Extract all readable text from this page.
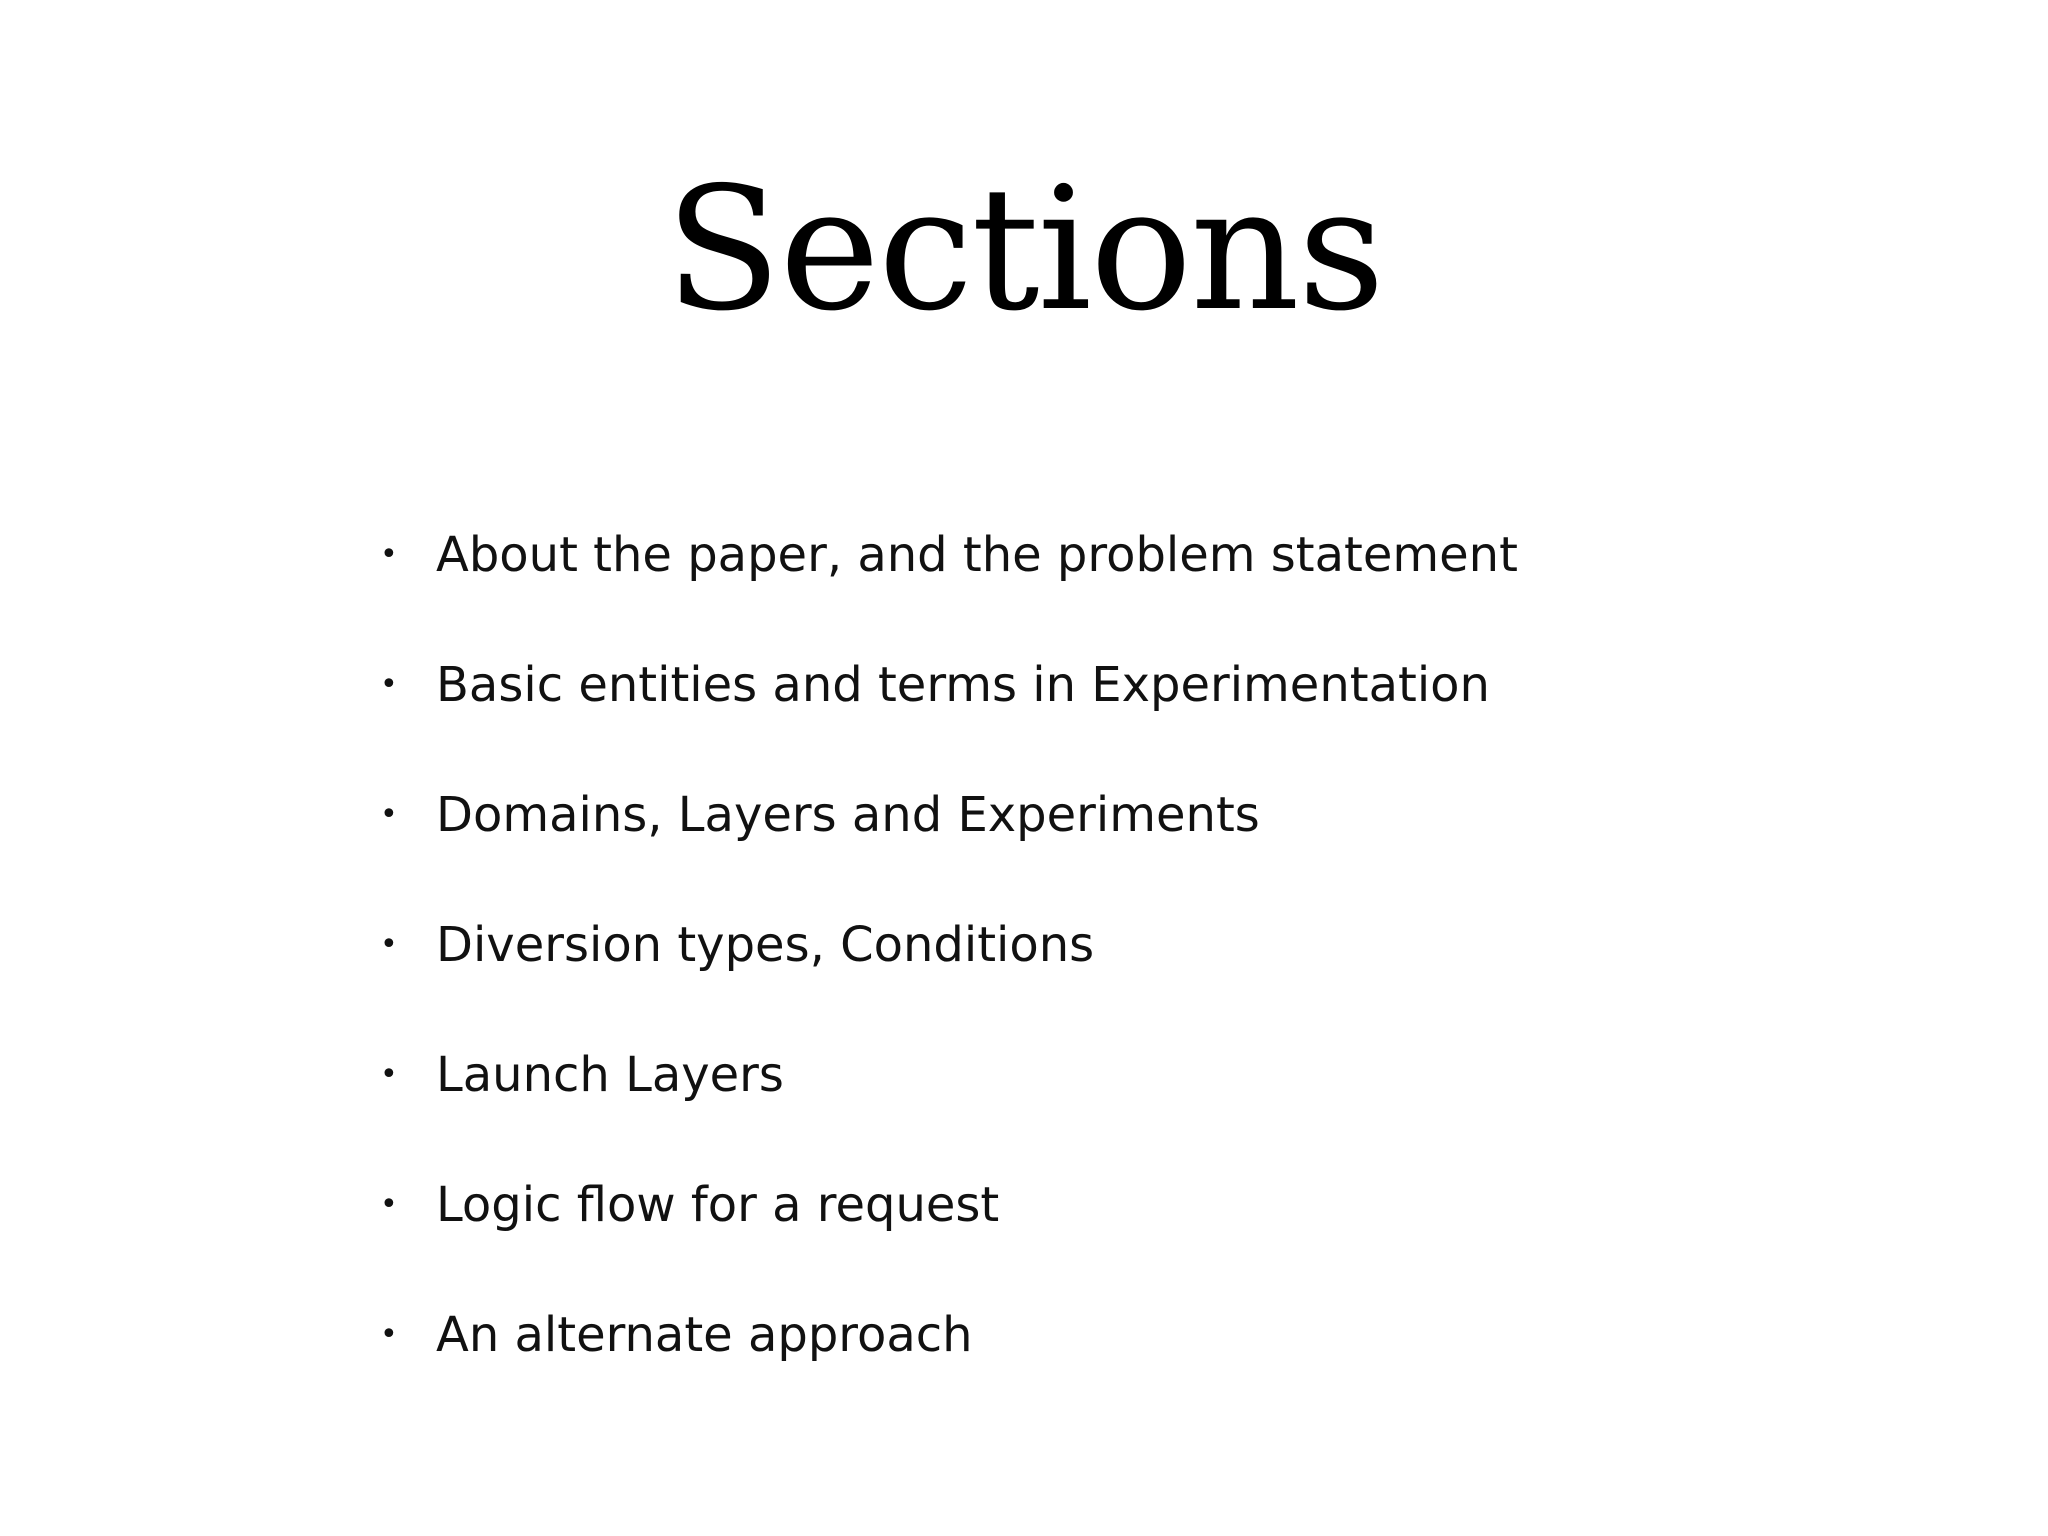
Sections
• About the paper, and the problem statement
• Basic entities and terms in Experimentation
• Domains, Layers and Experiments
• Diversion types, Conditions
• Launch Layers
• Logic flow for a request
• An alternate approach
